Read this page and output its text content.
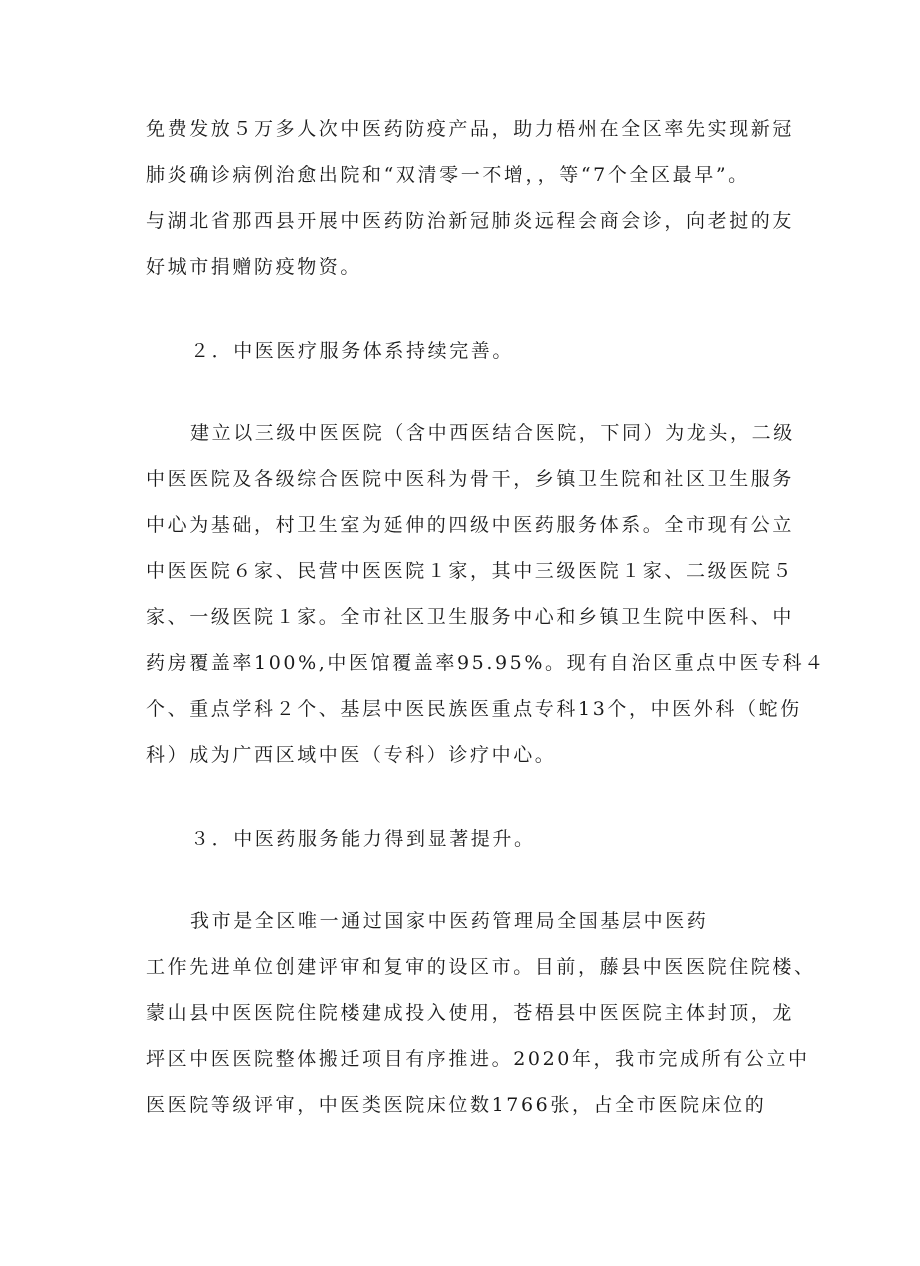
免费发放５万多人次中医药防疫产品，助力梧州在全区率先实现新冠
肺炎确诊病例治愈出院和“双清零一不增，，等“7个全区最早”。
与湖北省那西县开展中医药防治新冠肺炎远程会商会诊，向老挝的友
好城市捐赠防疫物资。
２．中医医疗服务体系持续完善。
建立以三级中医医院（含中西医结合医院，下同）为龙头，二级
中医医院及各级综合医院中医科为骨干，乡镇卫生院和社区卫生服务
中心为基础，村卫生室为延伸的四级中医药服务体系。全市现有公立
中医医院６家、民营中医医院１家，其中三级医院１家、二级医院５
家、一级医院１家。全市社区卫生服务中心和乡镇卫生院中医科、中
药房覆盖率100%,中医馆覆盖率95.95%。现有自治区重点中医专科４
个、重点学科２个、基层中医民族医重点专科13个，中医外科（蛇伤
科）成为广西区域中医（专科）诊疗中心。
３．中医药服务能力得到显著提升。
我市是全区唯一通过国家中医药管理局全国基层中医药
工作先进单位创建评审和复审的设区市。目前，藤县中医医院住院楼、
蒙山县中医医院住院楼建成投入使用，苍梧县中医医院主体封顶，龙
坪区中医医院整体搬迁项目有序推进。2020年，我市完成所有公立中
医医院等级评审，中医类医院床位数1766张，占全市医院床位的
